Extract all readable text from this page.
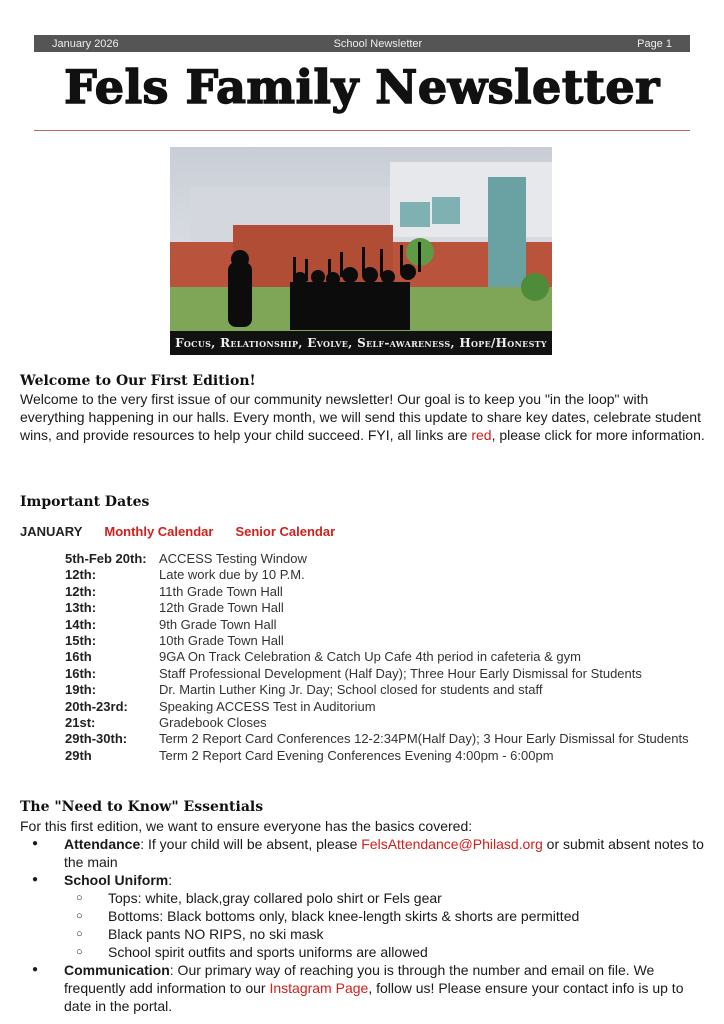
January 2026	School Newsletter	Page 1
Fels Family Newsletter
Focus, Relationship, Evolve, Self-awareness, Hope/Honesty
Welcome to Our First Edition!

Welcome to the very first issue of our community newsletter! Our goal is to keep you "in the loop" with everything happening in our halls. Every month, we will send this update to share key dates, celebrate student wins, and provide resources to help your child succeed. FYI, all links are red, please click for more information.

Important Dates
JANUARY Monthly Calendar Senior Calendar
5th-Feb 20th: ACCESS Testing Window
12th:	Late work due by 10 P.M.
12th:	11th Grade Town Hall
13th:	12th Grade Town Hall
14th:	9th Grade Town Hall
15th:	10th Grade Town Hall
16th	9GA On Track Celebration & Catch Up Cafe 4th period in cafeteria & gym
16th:	Staff Professional Development (Half Day); Three Hour Early Dismissal for Students
19th:	Dr. Martin Luther King Jr. Day; School closed for students and staff
20th-23rd:	Speaking ACCESS Test in Auditorium
21st:	Gradebook Closes
29th-30th:	Term 2 Report Card Conferences 12-2:34PM(Half Day); 3 Hour Early Dismissal for Students
29th	Term 2 Report Card Evening Conferences Evening 4:00pm - 6:00pm
The "Need to Know" Essentials

For this first edition, we want to ensure everyone has the basics covered:

● Attendance: If your child will be absent, please FelsAttendance@Philasd.org or submit absent notes to the main
● School Uniform:
○ Tops: white, black,gray collared polo shirt or Fels gear
○ Bottoms: Black bottoms only, black knee-length skirts & shorts are permitted
○ Black pants NO RIPS, no ski mask
○ School spirit outfits and sports uniforms are allowed
● Communication: Our primary way of reaching you is through the number and email on file. We frequently add information to our Instagram Page, follow us! Please ensure your contact info is up to date in the portal.
